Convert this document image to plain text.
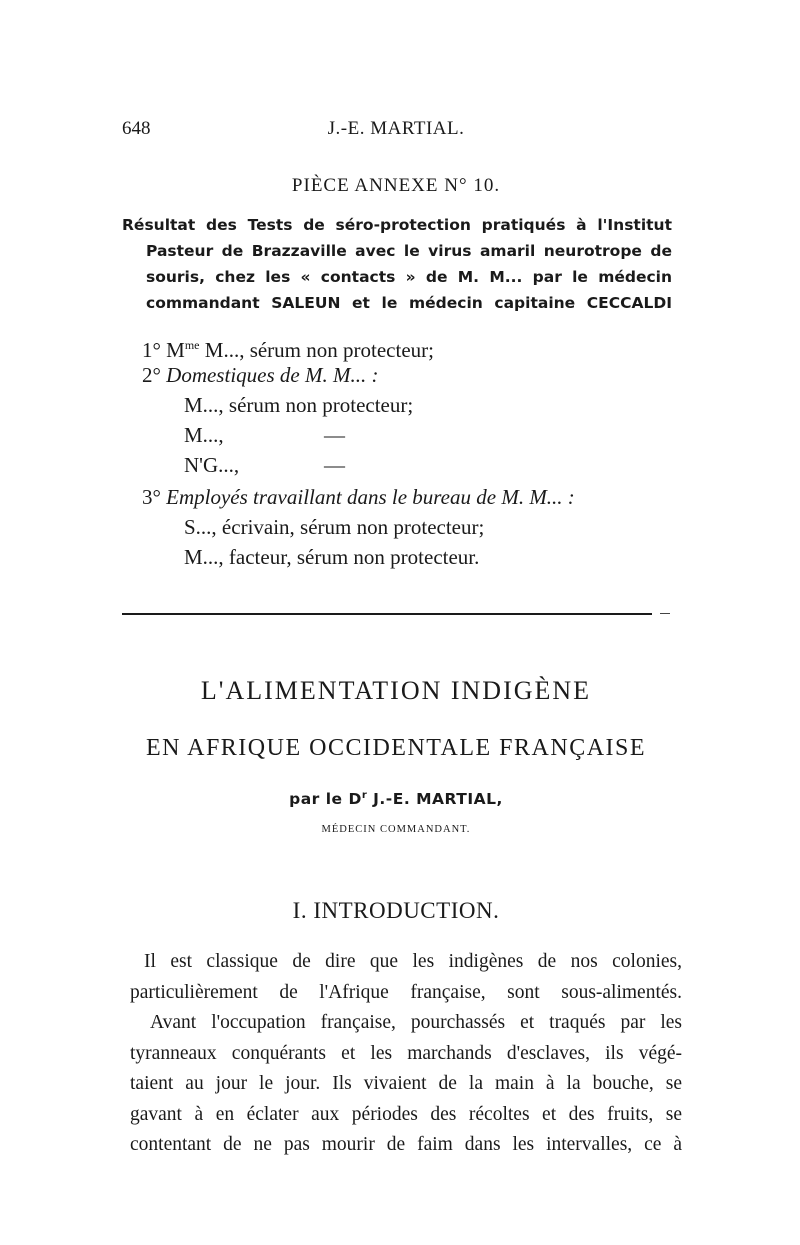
648	J.-E. MARTIAL.
PIÈCE ANNEXE N° 10.
Résultat des Tests de séro-protection pratiqués à l'Institut
Pasteur de Brazzaville avec le virus amaril neurotrope de
souris, chez les « contacts » de M. M... par le médecin
commandant SALEUN et le médecin capitaine CECCALDI
1° $M^{me}$ M..., sérum non protecteur;
2° Domestiques de M. M... :
M..., sérum non protecteur;
M...,	—
N'G...,	—
3° Employés travaillant dans le bureau de M. M... :
S..., écrivain, sérum non protecteur;
M..., facteur, sérum non protecteur.
L'ALIMENTATION INDIGÈNE
EN AFRIQUE OCCIDENTALE FRANÇAISE
par le $D^r$ J.-E. MARTIAL,
MÉDECIN COMMANDANT.
I. INTRODUCTION.
Il est classique de dire que les indigènes de nos colonies,
particulièrement de l'Afrique française, sont sous-alimentés.
Avant l'occupation française, pourchassés et traqués par les
tyranneaux conquérants et les marchands d'esclaves, ils végé-
taient au jour le jour. Ils vivaient de la main à la bouche, se
gavant à en éclater aux périodes des récoltes et des fruits, se
contentant de ne pas mourir de faim dans les intervalles, ce à
